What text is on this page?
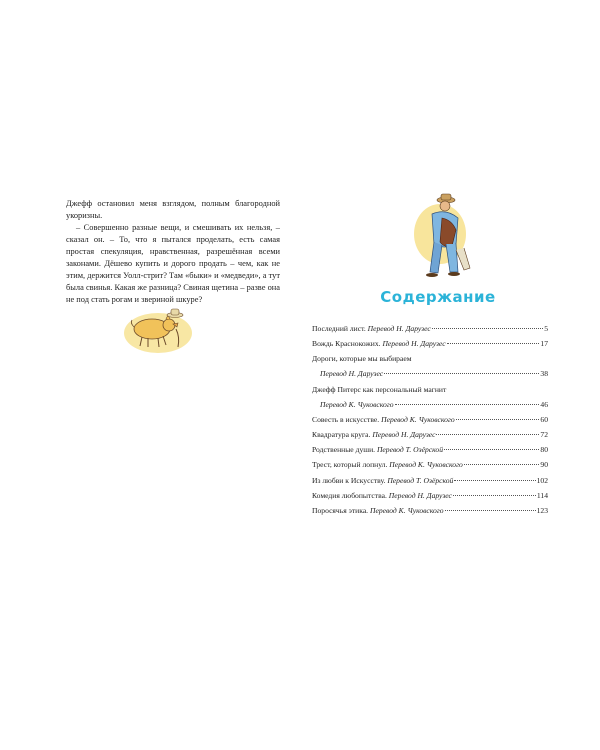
Джефф остановил меня взглядом, полным благородной укоризны.

– Совершенно разные вещи, и смешивать их нельзя, – сказал он. – То, что я пытался проделать, есть самая простая спекуляция, нравственная, разрешённая всеми законами. Дёшево купить и дорого продать – чем, как не этим, держится Уолл-стрит? Там «быки» и «медведи», а тут была свинья. Какая же разница? Свиная щетина – разве она не под стать рогам и звериной шкуре?	Содержание
Последний лист.
Перевод Н. Дарузес	5
Вождь Краснокожих.
Перевод Н. Дарузес	17
Дороги, которые мы выбираем
Перевод Н. Дарузес	38
Джефф Питерс как персональный магнит
Перевод К. Чуковского	46
Совесть в искусстве.
Перевод К. Чуковского	60
Квадратура круга.
Перевод Н. Дарузес	72
Родственные души.
Перевод Т. Озёрской	80
Трест, который лопнул.
Перевод К. Чуковского	90
Из любви к Искусству.
Перевод Т. Озёрской	102
Комедия любопытства.
Перевод Н. Дарузес	114
Поросячья этика.
Перевод К. Чуковского	123
